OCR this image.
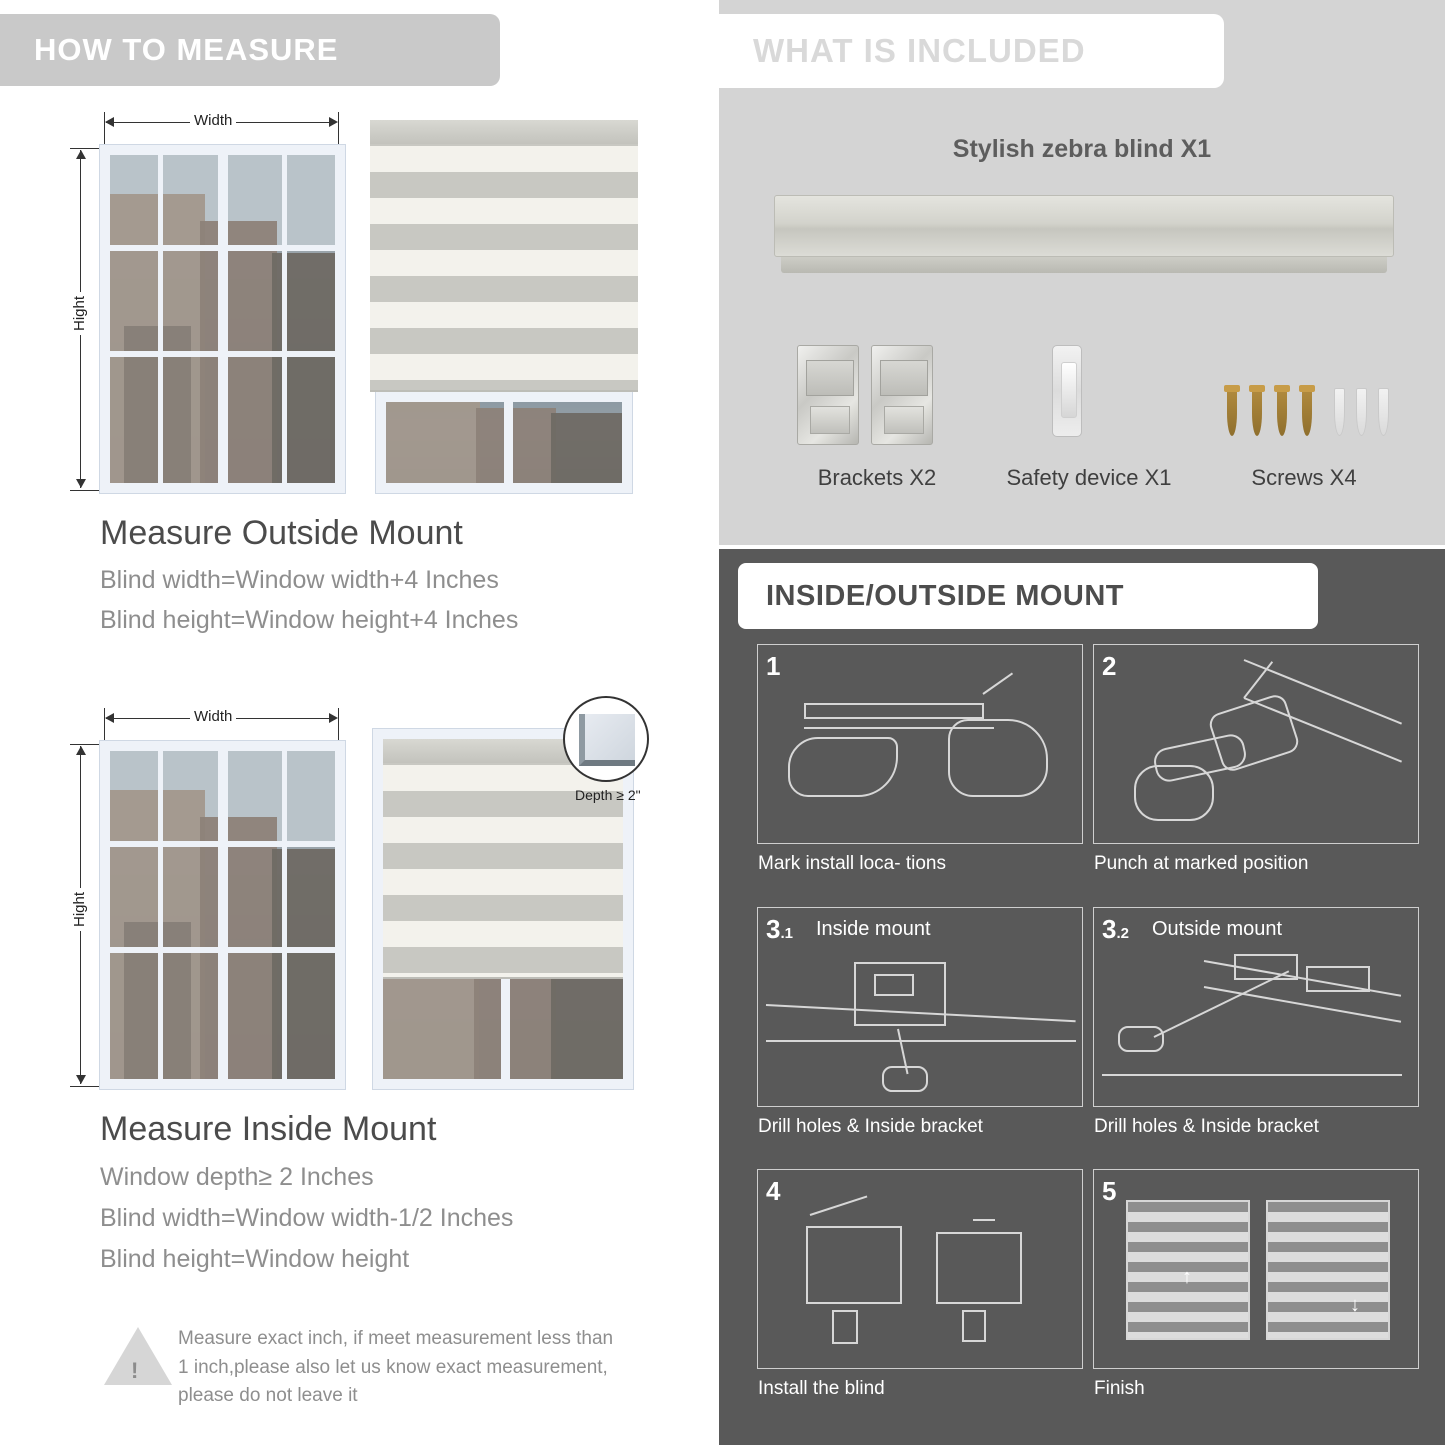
HOW TO MEASURE
Width
Hight
Measure Outside Mount
Blind width=Window width+4 Inches
Blind height=Window height+4 Inches
Width
Hight
Depth ≥ 2"
Measure Inside Mount
Window depth≥ 2 Inches
Blind width=Window width-1/2 Inches
Blind height=Window height
!
Measure exact inch, if meet measurement less than 1 inch,please also let us know exact measurement, please do not leave it
WHAT IS INCLUDED
Stylish zebra blind X1
Brackets X2	Safety device X1	Screws X4
INSIDE/OUTSIDE MOUNT
1
Mark install loca- tions
2
Punch at marked position
3.1 Inside mount
Drill holes & Inside bracket
3.2 Outside mount
Drill holes & Inside bracket
4
Install the blind
5
↑
↓
Finish
